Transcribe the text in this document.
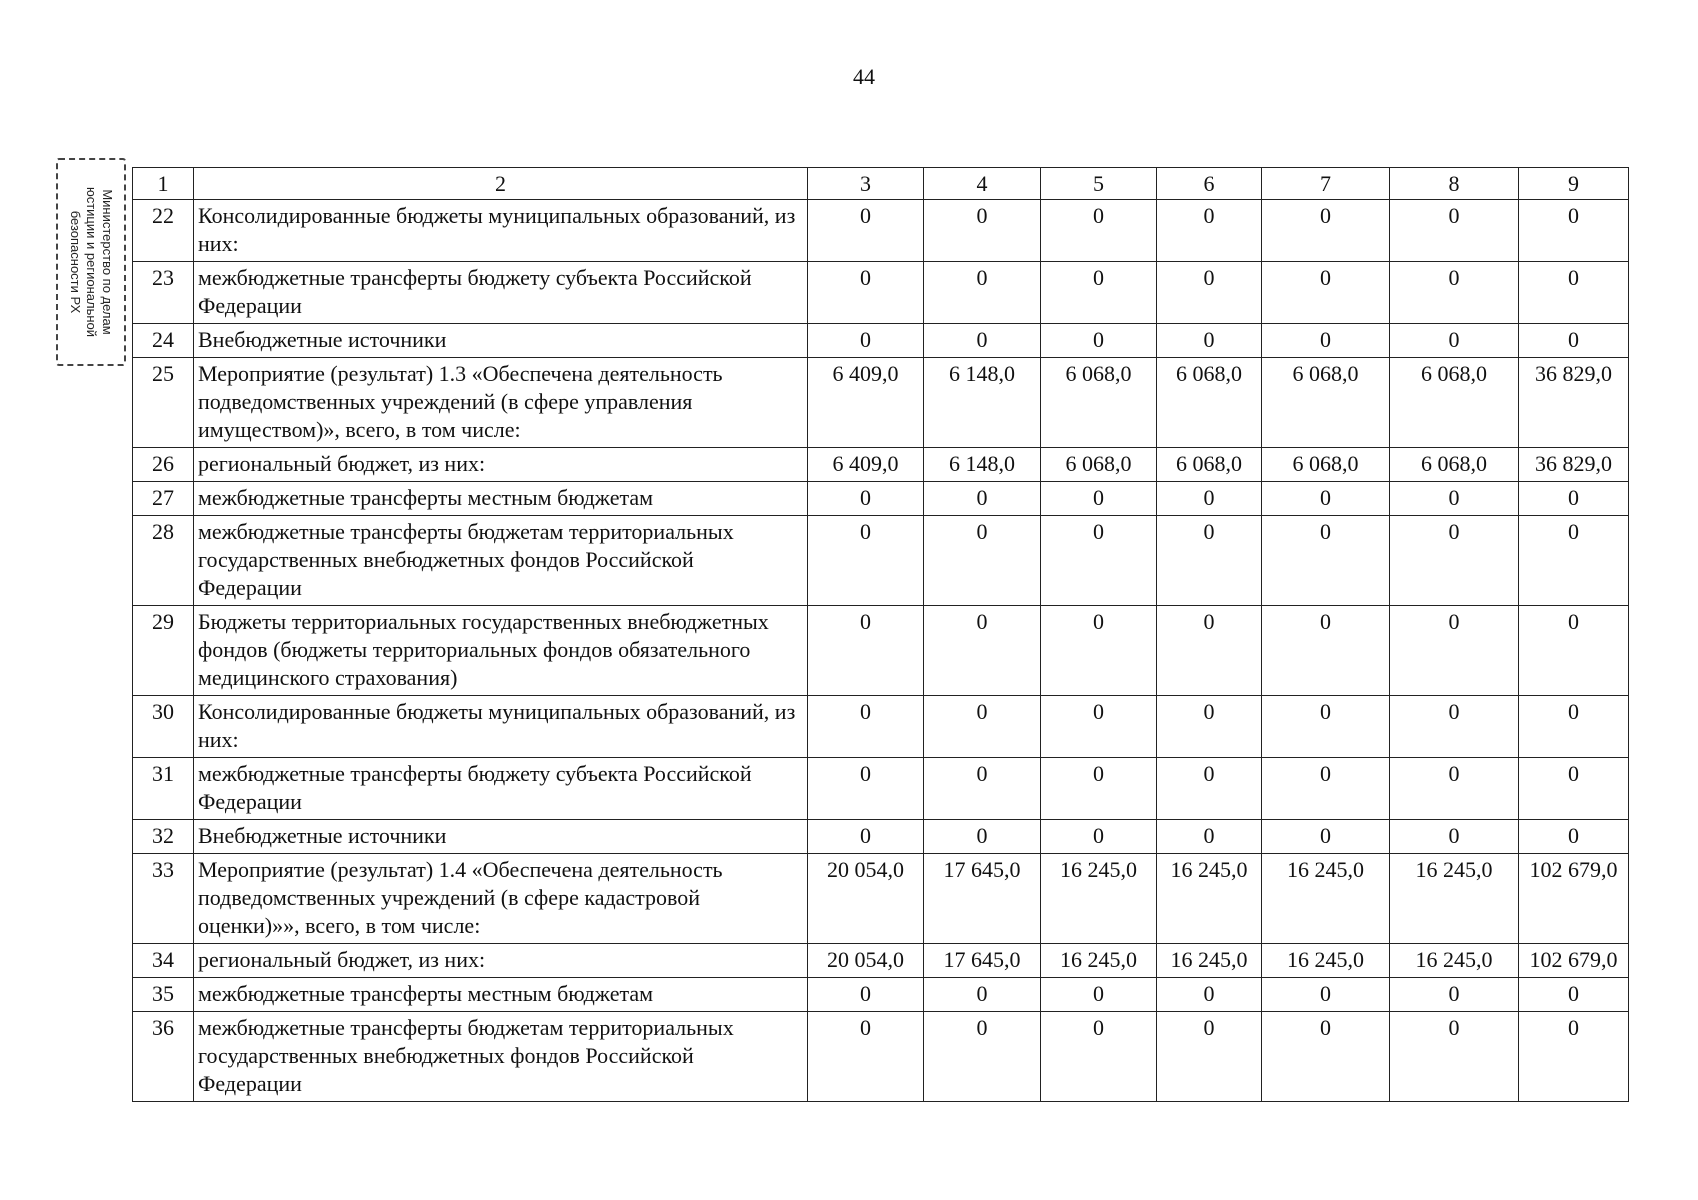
44
Министерство по делам
юстиции и региональной
безопасности РХ
1	2	3	4	5	6	7	8	9
22	Консолидированные бюджеты муниципальных образований, из них:	0	0	0	0	0	0	0
23	межбюджетные трансферты бюджету субъекта Российской Федерации	0	0	0	0	0	0	0
24	Внебюджетные источники	0	0	0	0	0	0	0
25	Мероприятие (результат) 1.3 «Обеспечена деятельность подведомственных учреждений (в сфере управления имуществом)», всего, в том числе:	6 409,0	6 148,0	6 068,0	6 068,0	6 068,0	6 068,0	36 829,0
26	региональный бюджет, из них:	6 409,0	6 148,0	6 068,0	6 068,0	6 068,0	6 068,0	36 829,0
27	межбюджетные трансферты местным бюджетам	0	0	0	0	0	0	0
28	межбюджетные трансферты бюджетам территориальных государственных внебюджетных фондов Российской Федерации	0	0	0	0	0	0	0
29	Бюджеты территориальных государственных внебюджетных фондов (бюджеты территориальных фондов обязательного медицинского страхования)	0	0	0	0	0	0	0
30	Консолидированные бюджеты муниципальных образований, из них:	0	0	0	0	0	0	0
31	межбюджетные трансферты бюджету субъекта Российской Федерации	0	0	0	0	0	0	0
32	Внебюджетные источники	0	0	0	0	0	0	0
33	Мероприятие (результат) 1.4 «Обеспечена деятельность подведомственных учреждений (в сфере кадастровой оценки)»», всего, в том числе:	20 054,0	17 645,0	16 245,0	16 245,0	16 245,0	16 245,0	102 679,0
34	региональный бюджет, из них:	20 054,0	17 645,0	16 245,0	16 245,0	16 245,0	16 245,0	102 679,0
35	межбюджетные трансферты местным бюджетам	0	0	0	0	0	0	0
36	межбюджетные трансферты бюджетам территориальных государственных внебюджетных фондов Российской Федерации	0	0	0	0	0	0	0
